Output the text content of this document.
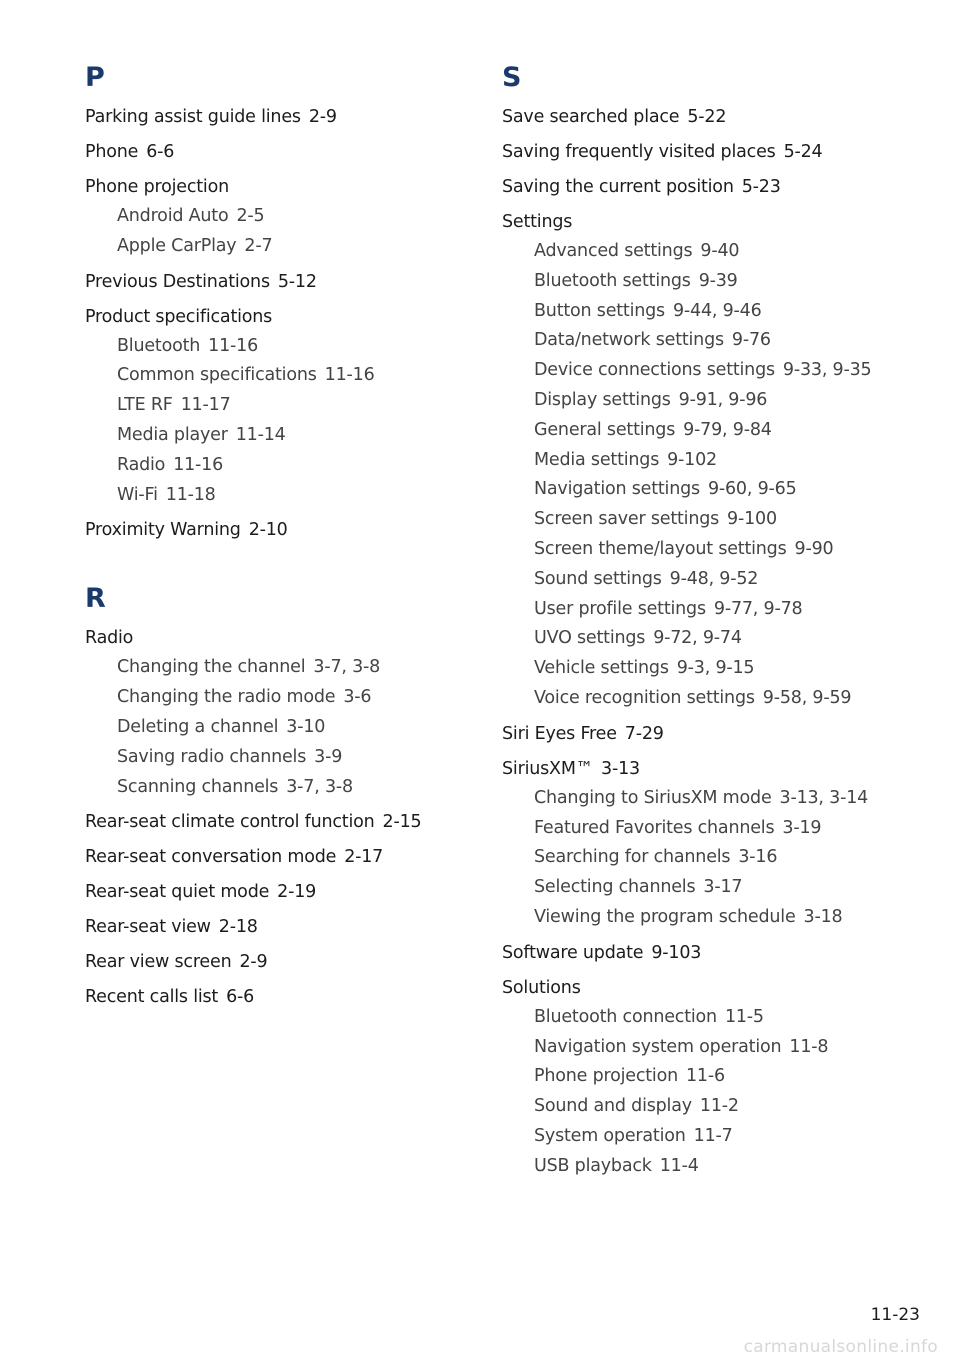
P
Parking assist guide lines 2-9
Phone 6-6
Phone projection
Android Auto 2-5
Apple CarPlay 2-7
Previous Destinations 5-12
Product specifications
Bluetooth 11-16
Common specifications 11-16
LTE RF 11-17
Media player 11-14
Radio 11-16
Wi-Fi 11-18
Proximity Warning 2-10
R
Radio
Changing the channel 3-7, 3-8
Changing the radio mode 3-6
Deleting a channel 3-10
Saving radio channels 3-9
Scanning channels 3-7, 3-8
Rear-seat climate control function 2-15
Rear-seat conversation mode 2-17
Rear-seat quiet mode 2-19
Rear-seat view 2-18
Rear view screen 2-9
Recent calls list 6-6
S
Save searched place 5-22
Saving frequently visited places 5-24
Saving the current position 5-23
Settings
Advanced settings 9-40
Bluetooth settings 9-39
Button settings 9-44, 9-46
Data/network settings 9-76
Device connections settings 9-33, 9-35
Display settings 9-91, 9-96
General settings 9-79, 9-84
Media settings 9-102
Navigation settings 9-60, 9-65
Screen saver settings 9-100
Screen theme/layout settings 9-90
Sound settings 9-48, 9-52
User profile settings 9-77, 9-78
UVO settings 9-72, 9-74
Vehicle settings 9-3, 9-15
Voice recognition settings 9-58, 9-59
Siri Eyes Free 7-29
SiriusXM™ 3-13
Changing to SiriusXM mode 3-13, 3-14
Featured Favorites channels 3-19
Searching for channels 3-16
Selecting channels 3-17
Viewing the program schedule 3-18
Software update 9-103
Solutions
Bluetooth connection 11-5
Navigation system operation 11-8
Phone projection 11-6
Sound and display 11-2
System operation 11-7
USB playback 11-4
11-23
carmanualsonline.info
